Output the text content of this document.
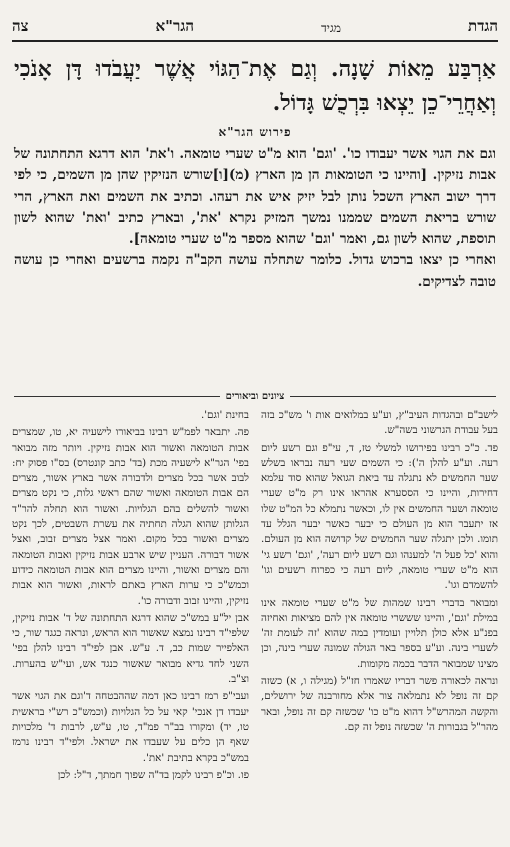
הגדת
מגיד
הגר"א
צה
אַרְבַּע מֵאוֹת שָׁנָה. וְגַם אֶת־הַגּוֹי אֲשֶׁר יַעֲבֹדוּ דָּן אָנֹכִי וְאַחֲרֵי־כֵן יֵצְאוּ בִּרְכֻשׁ גָּדוֹל.
פירוש הגר"א

וגם את הגוי אשר יעבודו כו'. 'וגם' הוא מ"ט שערי טומאה. ו'את' הוא דרגא התחתונה של אבות נזיקין. [והיינו כי הטומאות הן מן הארץ (מ)[ו]שורש הנזיקין שהן מן השמים, כי לפי דרך ישוב הארץ השכל נותן לבל יזיק איש את רעהו. וכתיב את השמים ואת הארץ, הרי שורש בריאת השמים שממנו נמשך המזיק נקרא 'את', ובארץ כתיב 'ואת' שהוא לשון תוספת, שהוא לשון גם, ואמר 'וגם' שהוא מספר מ"ט שערי טומאה].

ואחרי כן יצאו ברכוש גדול. כלומר שתחלה עושה הקב"ה נקמה ברשעים ואחרי כן עושה טובה לצדיקים.

ציונים וביאורים

לישב"ם ובהגדות העיב"ץ, וע"ע במלואים אות ו' מש"כ בזה בעל עבודת הגרשוני בשה"ש.

פד. כ"כ רבינו בפירושו למשלי טז, ד, עי"פ וגם רשע ליום רעה. וע"ע להלן ה'): כי השמים שעי רעה נבראו בשלש שער החמשים לא נתגלה עד ביאת הגואל שהוא סוד עלמא דחירות, והיינו כי הססערא אהראו אינו רק מ"ט שערי טומאה ושער החמשים אין לו, וכאשר נתמלא כל המ"ט שלו אז יתעבר הוא מן העולם כי יבער כאשר יבער הגלל עד תומו. ולכן יתגלה שער החמשים של קדושה הוא מן העולם. והוא 'כל פעל ה' למענהו וגם רשע ליום רעה', 'וגם' רשע גי' הוא מ"ט שערי טומאה, ליום רעה כי כפרוח רשעים וגו' להשמדם וגו'.

ומבואר בדברי רבינו שמהות של מ"ט שערי טומאה אינו במילת 'וגם', והיינו שששרי טומאה אין להם מציאות ואחיזה בפנ"ע אלא כולן תלויין ועומדין במה שהוא 'זה לעומת זה' לשערי בינה. וע"ע בספר באר הגולה שמונה שערי בינה, וכן מצינו שמבואר הדבר בכמה מקומות.

ונראה לכאורה פשר דבריו שאמרו חז"ל (מגילה ו, א) כשזה קם זה נופל לא נתמלאה צור אלא מחורבנה של ירושלים, והקשה המהרש"ל דהוא מ"ט כו' שכשזה קם זה נופל, ובאר מהר"ל בגבורות ה' שכשזה נופל זה קם.

בחינת 'וגם'.

פה. יתבאר לפמ"ש רבינו בביאורו לישעיה יא, טו, שמצרים אבות הטומאה ואשור הוא אבות נזיקין. ויותר מזה מבואר בפי' הגר"א לישעיה מכת (בד' כתב קונטרס) בס"ו פסוק יח: לבוב אשר בכל מצרים ולדבורה אשר בארץ אשור, מצרים הם אבות הטומאה ואשור שהם ראשי גלות, כי נקט מצרים ואשור להשלים בהם הגלויות. ואשור הוא תחלה להר"ד הגלותן שהוא הגלה תחתיה את עשרת השבטים, לכך נקט מצרים ואשור בכל מקום. ואמר אצל מצרים זבוב, ואצל אשור דבורה. העניין שיש ארבע אבות נזיקין ואבות הטומאה והם מצרים ואשור, והיינו מצרים הוא אבות הטומאה כידוע וכמש"כ כי ערות הארץ באתם לראות, ואשור הוא אבות נזיקין, והיינו זבוב ודבורה כו'.

אבן יל"ע במש"כ שהוא דרגא התחתונה של ד' אבות נזיקין, שלפי"ד רבינו נמצא שאשור הוא הראש, ונראה כגגד שור, כי האלפייר שמות כב, ד. ע"ש. אבן לפי"ד רבינו להלן בפי' השני לחד גדיא מבואר שאשור כנגד אש, ועי"ש בהערות. וצ"ב.

ועבי"פ רמז רבינו כאן דמה שההבטחה ד'וגם את הגוי אשר יעבדו דן אנכי' קאי על כל הגלויות (וכמש"כ רש"י בראשית טו, יד) ומקורו בב"ר פמ"ד, טו, ע"ש, לרבות ד' מלכויות שאף הן כלים על שעבדו את ישראל. ולפי"ד רבינו נרמז במש"כ בקרא בתיבת 'את'.

פו. וכ"פ רבינו לקמן בד"ה שפוך חמתך, ד"ל: לכן
